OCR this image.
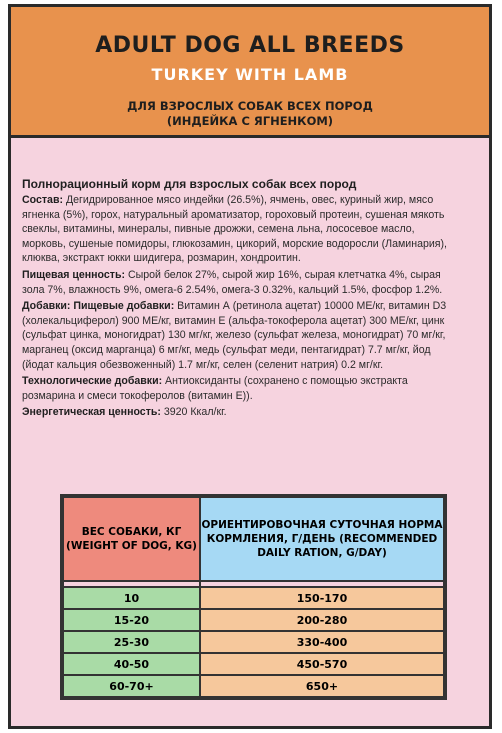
ADULT DOG ALL BREEDS
TURKEY WITH LAMB
ДЛЯ ВЗРОСЛЫХ СОБАК ВСЕХ ПОРОД
(ИНДЕЙКА С ЯГНЕНКОМ)
Полнорационный корм для взрослых собак всех пород

Состав: Дегидрированное мясо индейки (26.5%), ячмень, овес, куриный жир, мясо ягненка (5%), горох, натуральный ароматизатор, гороховый протеин, сушеная мякоть свеклы, витамины, минералы, пивные дрожжи, семена льна, лососевое масло, морковь, сушеные помидоры, глюкозамин, цикорий, морские водоросли (Ламинария), клюква, экстракт юкки шидигера, розмарин, хондроитин.

Пищевая ценность: Сырой белок 27%, сырой жир 16%, сырая клетчатка 4%, сырая зола 7%, влажность 9%, омега-6 2.54%, омега-3 0.32%, кальций 1.5%, фосфор 1.2%.

Добавки: Пищевые добавки: Витамин А (ретинола ацетат) 10000 МЕ/кг, витамин D3 (холекальциферол) 900 МЕ/кг, витамин Е (альфа-токоферола ацетат) 300 МЕ/кг, цинк (сульфат цинка, моногидрат) 130 мг/кг, железо (сульфат железа, моногидрат) 70 мг/кг, марганец (оксид марганца) 6 мг/кг, медь (сульфат меди, пентагидрат) 7.7 мг/кг, йод (йодат кальция обезвоженный) 1.7 мг/кг, селен (селенит натрия) 0.2 мг/кг.

Технологические добавки: Антиоксиданты (сохранено с помощью экстракта розмарина и смеси токоферолов (витамин Е)).

Энергетическая ценность: 3920 Ккал/кг.

ВЕС СОБАКИ, КГ (WEIGHT OF DOG, KG)	ОРИЕНТИРОВОЧНАЯ СУТОЧНАЯ НОРМА КОРМЛЕНИЯ, Г/ДЕНЬ (RECOMMENDED DAILY RATION, G/DAY)

10	150-170
15-20	200-280
25-30	330-400
40-50	450-570
60-70+	650+
